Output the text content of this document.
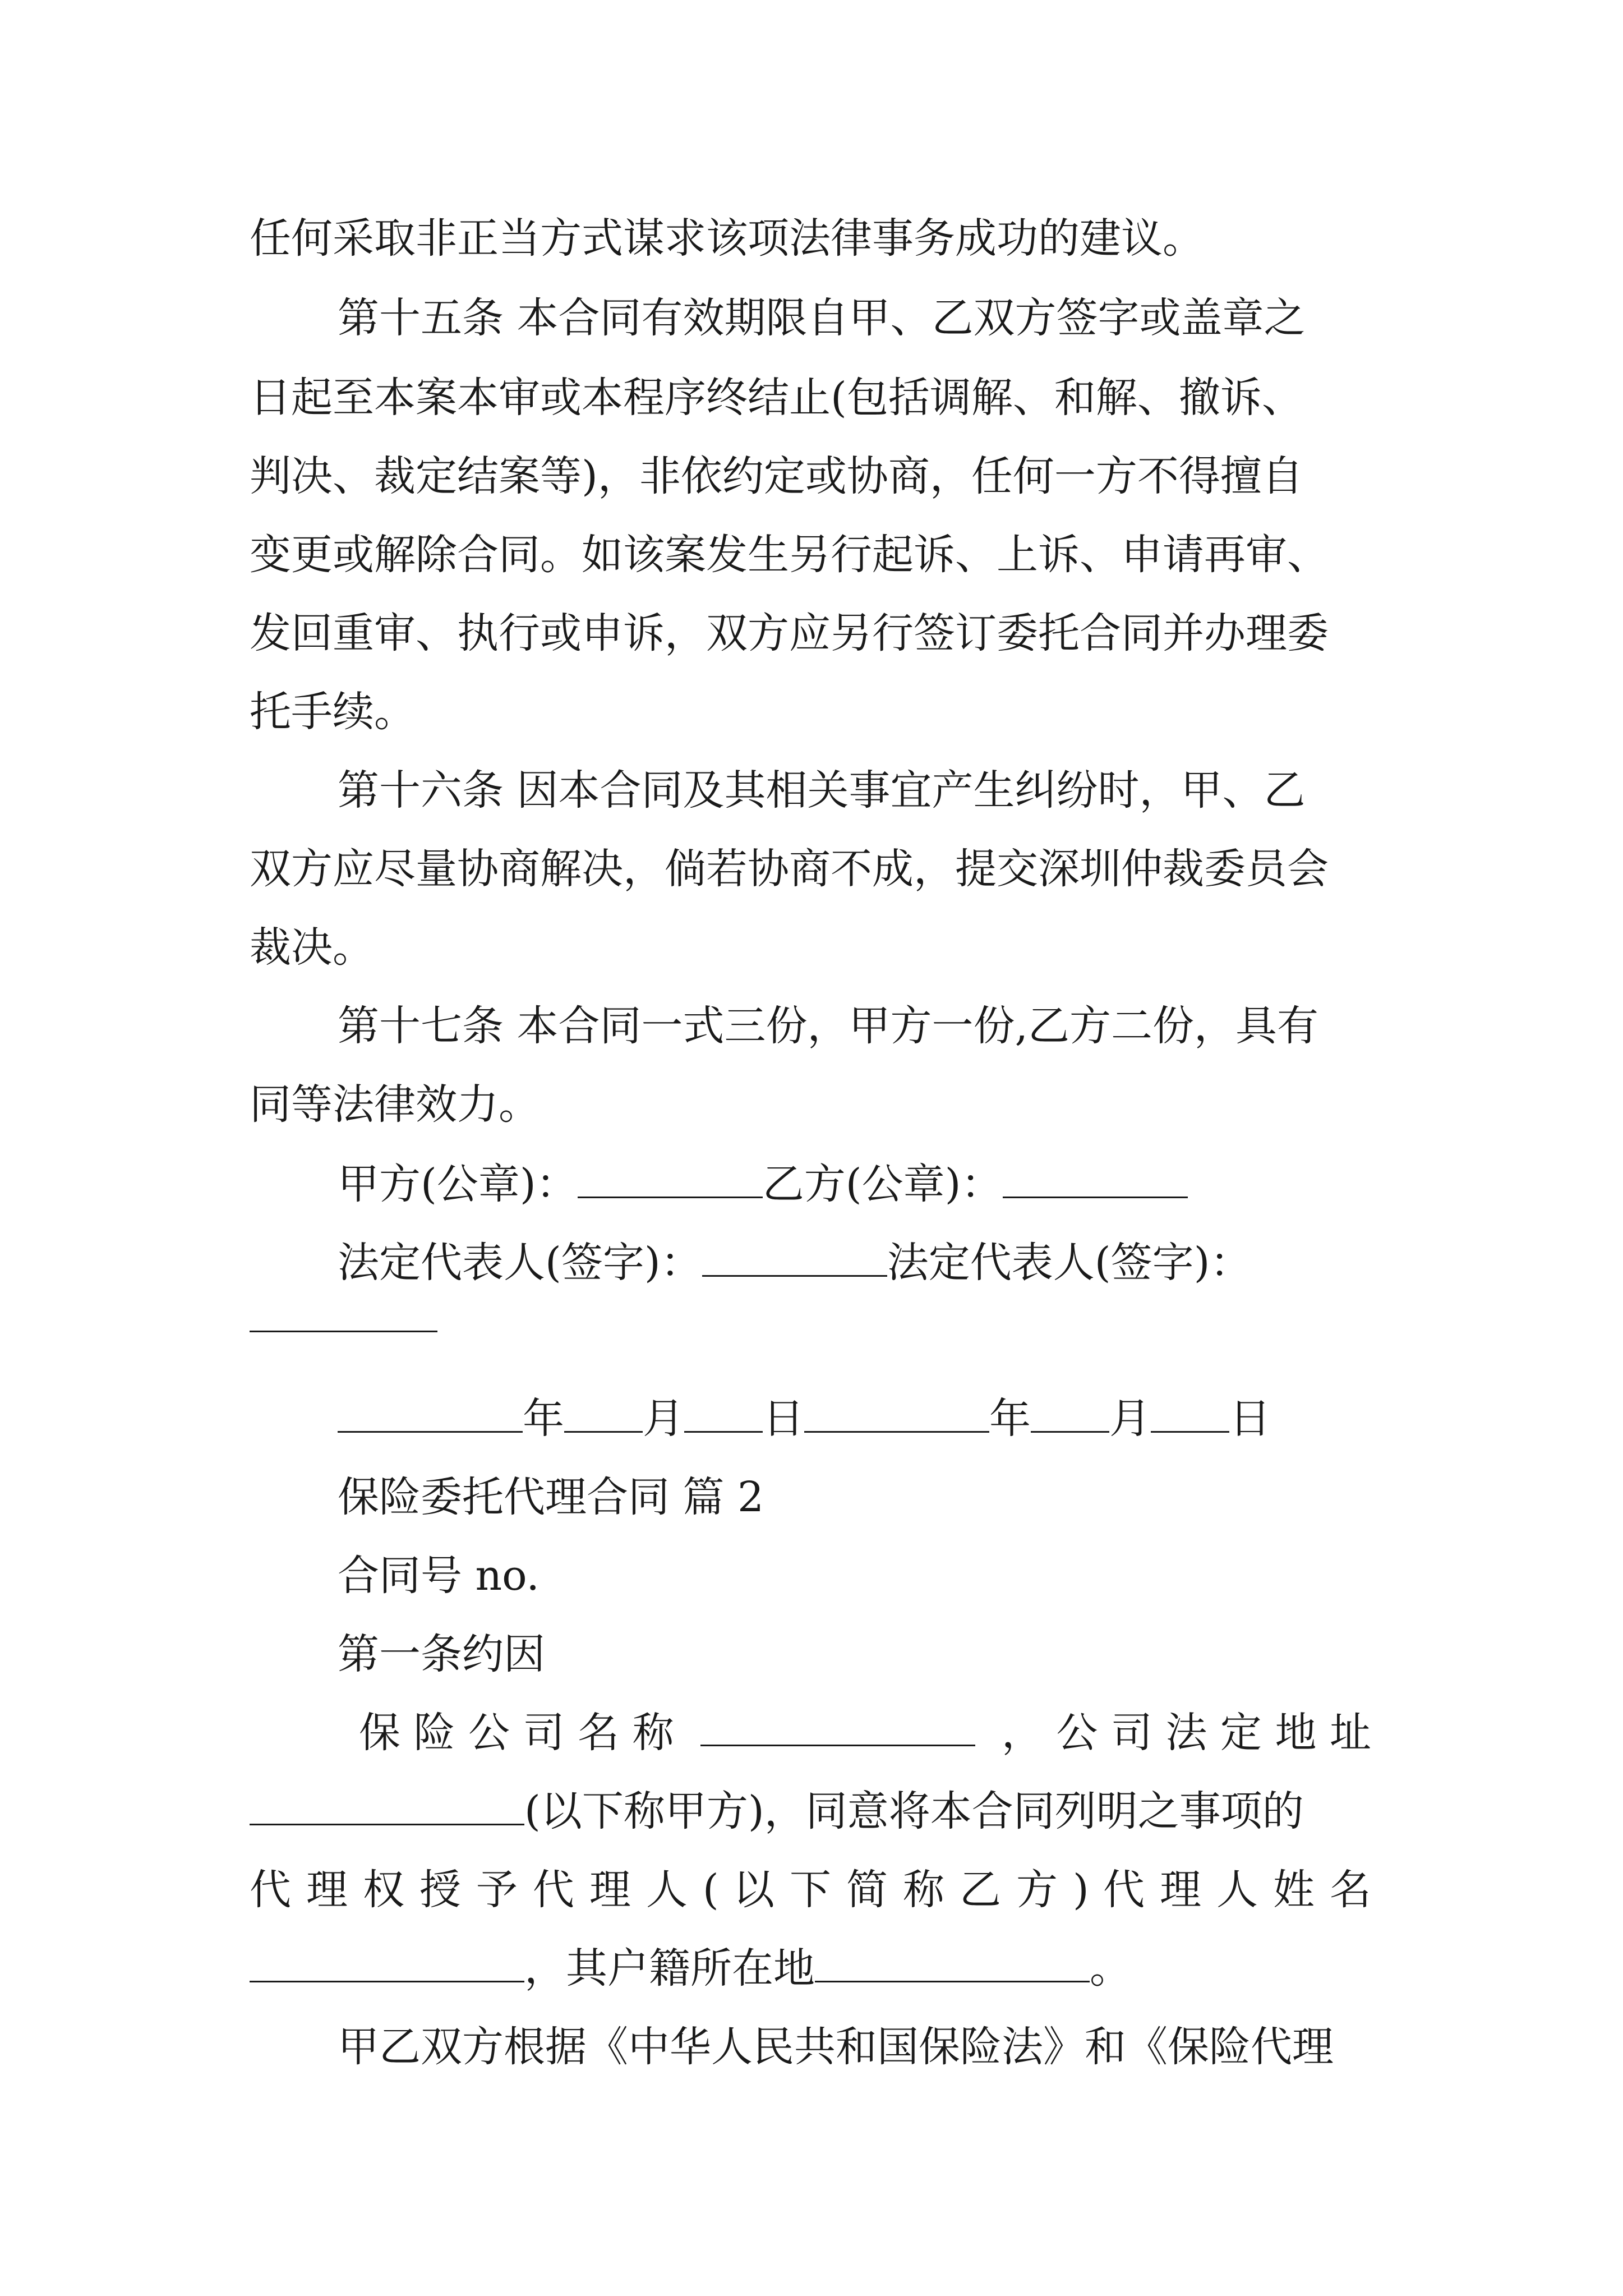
任何采取非正当方式谋求该项法律事务成功的建议。
第十五条 本合同有效期限自甲、乙双方签字或盖章之
日起至本案本审或本程序终结止(包括调解、和解、撤诉、
判决、裁定结案等)，非依约定或协商，任何一方不得擅自
变更或解除合同。如该案发生另行起诉、上诉、申请再审、
发回重审、执行或申诉，双方应另行签订委托合同并办理委
托手续。
第十六条 因本合同及其相关事宜产生纠纷时，甲、乙
双方应尽量协商解决，倘若协商不成，提交深圳仲裁委员会
裁决。
第十七条 本合同一式三份，甲方一份,乙方二份，具有
同等法律效力。
甲方(公章)：	乙方(公章)：
法定代表人(签字)：	法定代表人(签字)：
年 月 日	年 月 日
保险委托代理合同 篇 2
合同号 no.
第一条约因
保 险 公 司 名 称	， 公 司 法 定 地 址
(以下称甲方)，同意将本合同列明之事项的
代 理 权 授 予 代 理 人 ( 以 下 简 称 乙 方 ) 代 理 人 姓 名
，其户籍所在地	。
甲乙双方根据《中华人民共和国保险法》和《保险代理
